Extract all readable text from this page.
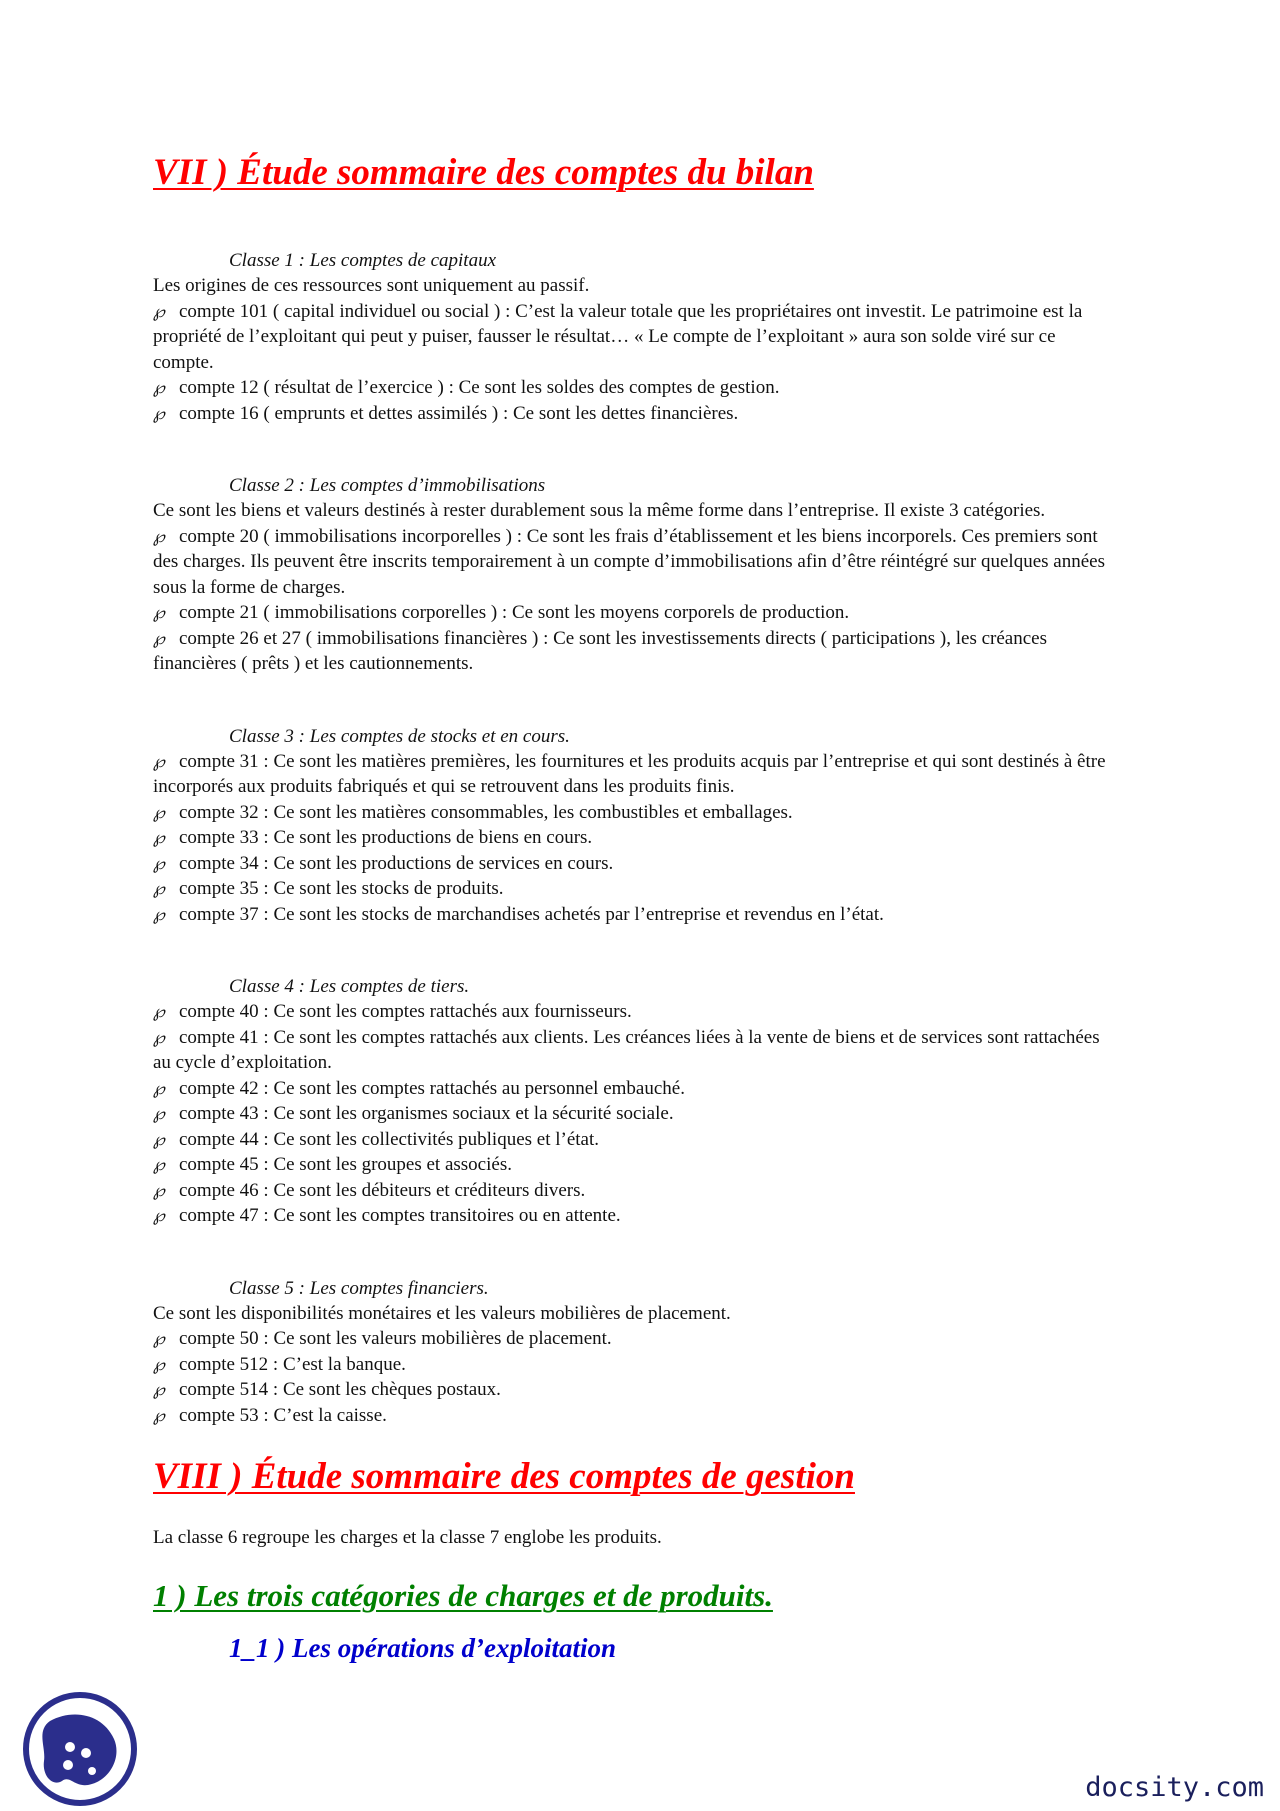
VII ) Étude sommaire des comptes du bilan
Classe 1 : Les comptes de capitaux
Les origines de ces ressources sont uniquement au passif.
℘ compte 101 ( capital individuel ou social ) : C’est la valeur totale que les propriétaires ont investit. Le patrimoine est la propriété de l’exploitant qui peut y puiser, fausser le résultat… « Le compte de l’exploitant » aura son solde viré sur ce compte.
℘ compte 12 ( résultat de l’exercice ) : Ce sont les soldes des comptes de gestion.
℘ compte 16 ( emprunts et dettes assimilés ) : Ce sont les dettes financières.
Classe 2 : Les comptes d’immobilisations
Ce sont les biens et valeurs destinés à rester durablement sous la même forme dans l’entreprise. Il existe 3 catégories.
℘ compte 20 ( immobilisations incorporelles ) : Ce sont les frais d’établissement et les biens incorporels. Ces premiers sont des charges. Ils peuvent être inscrits temporairement à un compte d’immobilisations afin d’être réintégré sur quelques années sous la forme de charges.
℘ compte 21 ( immobilisations corporelles ) : Ce sont les moyens corporels de production.
℘ compte 26 et 27 ( immobilisations financières ) : Ce sont les investissements directs ( participations ), les créances financières ( prêts ) et les cautionnements.
Classe 3 : Les comptes de stocks et en cours.
℘ compte 31 : Ce sont les matières premières, les fournitures et les produits acquis par l’entreprise et qui sont destinés à être incorporés aux produits fabriqués et qui se retrouvent dans les produits finis.
℘ compte 32 : Ce sont les matières consommables, les combustibles et emballages.
℘ compte 33 : Ce sont les productions de biens en cours.
℘ compte 34 : Ce sont les productions de services en cours.
℘ compte 35 : Ce sont les stocks de produits.
℘ compte 37 : Ce sont les stocks de marchandises achetés par l’entreprise et revendus en l’état.
Classe 4 : Les comptes de tiers.
℘ compte 40 : Ce sont les comptes rattachés aux fournisseurs.
℘ compte 41 : Ce sont les comptes rattachés aux clients. Les créances liées à la vente de biens et de services sont rattachées au cycle d’exploitation.
℘ compte 42 : Ce sont les comptes rattachés au personnel embauché.
℘ compte 43 : Ce sont les organismes sociaux et la sécurité sociale.
℘ compte 44 : Ce sont les collectivités publiques et l’état.
℘ compte 45 : Ce sont les groupes et associés.
℘ compte 46 : Ce sont les débiteurs et créditeurs divers.
℘ compte 47 : Ce sont les comptes transitoires ou en attente.
Classe 5 : Les comptes financiers.
Ce sont les disponibilités monétaires et les valeurs mobilières de placement.
℘ compte 50 : Ce sont les valeurs mobilières de placement.
℘ compte 512 : C’est la banque.
℘ compte 514 : Ce sont les chèques postaux.
℘ compte 53 : C’est la caisse.
VIII ) Étude sommaire des comptes de gestion
La classe 6 regroupe les charges et la classe 7 englobe les produits.
1 ) Les trois catégories de charges et de produits.
1_1 ) Les opérations d’exploitation
docsity.com
